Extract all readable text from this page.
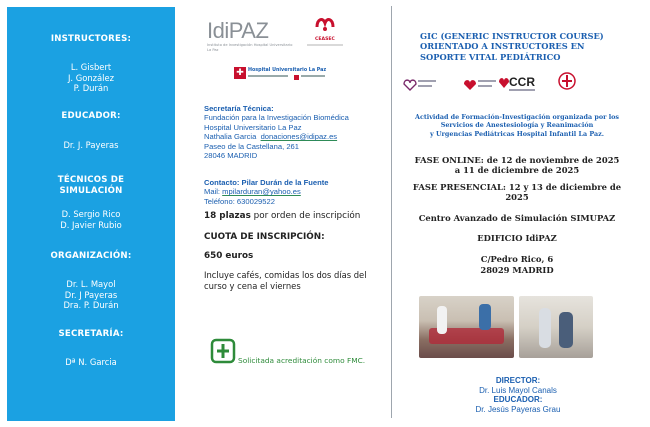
INSTRUCTORES:
L. Gisbert
J. González
P. Durán
EDUCADOR:
Dr. J. Payeras
TÉCNICOS DE
SIMULACIÓN
D. Sergio Rico
D. Javier Rubio
ORGANIZACIÓN:
Dr. L. Mayol
Dr. J Payeras
Dra. P. Durán
SECRETARÍA:
Dª N. Garcia
IdiPAZ
Instituto de Investigación Hospital Universitario La Paz
CEASEC
✚ Hospital Universitario La Paz
Secretaría Técnica:
Fundación para la Investigación Biomédica
Hospital Universitario La Paz
Nathalia Garcia donaciones@idipaz.es
Paseo de la Castellana, 261
28046 MADRID
Contacto: Pilar Durán de la Fuente
Mail: mpilarduran@yahoo.es
Teléfono: 630029522
18 plazas por orden de inscripción
CUOTA DE INSCRIPCIÓN:
650 euros
Incluye cafés, comidas los dos días del
curso y cena el viernes
Solicitada acreditación como FMC.
GIC (GENERIC INSTRUCTOR COURSE)
ORIENTADO A INSTRUCTORES EN
SOPORTE VITAL PEDIÁTRICO
CCR
Actividad de Formación-Investigación organizada por los
Servicios de Anestesiología y Reanimación
y Urgencias Pediátricas Hospital Infantil La Paz.
FASE ONLINE: de 12 de noviembre de 2025
a 11 de diciembre de 2025
FASE PRESENCIAL: 12 y 13 de diciembre de
2025
Centro Avanzado de Simulación SIMUPAZ
EDIFICIO IdiPAZ
C/Pedro Rico, 6
28029 MADRID
DIRECTOR:
Dr. Luis Mayol Canals
EDUCADOR:
Dr. Jesús Payeras Grau
